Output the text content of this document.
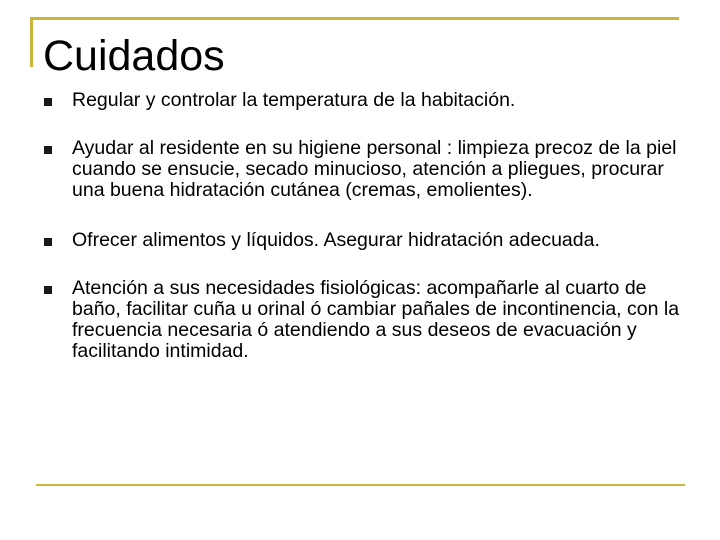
Cuidados
Regular y controlar la temperatura de la habitación.
Ayudar al residente en su higiene personal : limpieza precoz de la piel cuando se ensucie, secado minucioso, atención a pliegues, procurar una buena hidratación cutánea (cremas, emolientes).
Ofrecer alimentos y líquidos. Asegurar hidratación adecuada.
Atención a sus necesidades fisiológicas: acompañarle al cuarto de baño, facilitar cuña u orinal ó cambiar pañales de incontinencia, con la frecuencia necesaria ó atendiendo a sus deseos de evacuación y facilitando intimidad.
